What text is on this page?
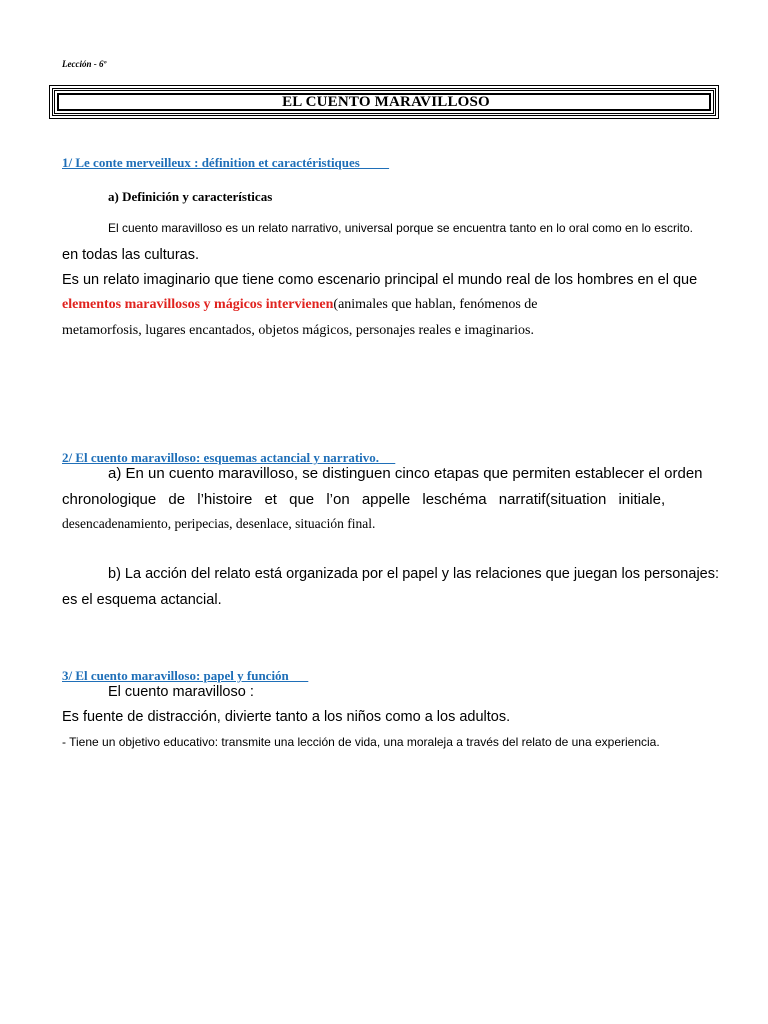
Lección - 6º
EL CUENTO MARAVILLOSO
1/ Le conte merveilleux : définition et caractéristiques
a) Definición y características
El cuento maravilloso es un relato narrativo, universal porque se encuentra tanto en lo oral como en lo escrito.
en todas las culturas.
Es un relato imaginario que tiene como escenario principal el mundo real de los hombres en el que
elementos maravillosos y mágicos intervienen(animales que hablan, fenómenos de
metamorfosis, lugares encantados, objetos mágicos, personajes reales e imaginarios.
2/ El cuento maravilloso: esquemas actancial y narrativo.
a) En un cuento maravilloso, se distinguen cinco etapas que permiten establecer el orden
chronologique de l’histoire et que l’on appelle leschéma narratif(situation initiale,
desencadenamiento, peripecias, desenlace, situación final.
b) La acción del relato está organizada por el papel y las relaciones que juegan los personajes:
es el esquema actancial.
3/ El cuento maravilloso: papel y función
El cuento maravilloso :
Es fuente de distracción, divierte tanto a los niños como a los adultos.
- Tiene un objetivo educativo: transmite una lección de vida, una moraleja a través del relato de una experiencia.
